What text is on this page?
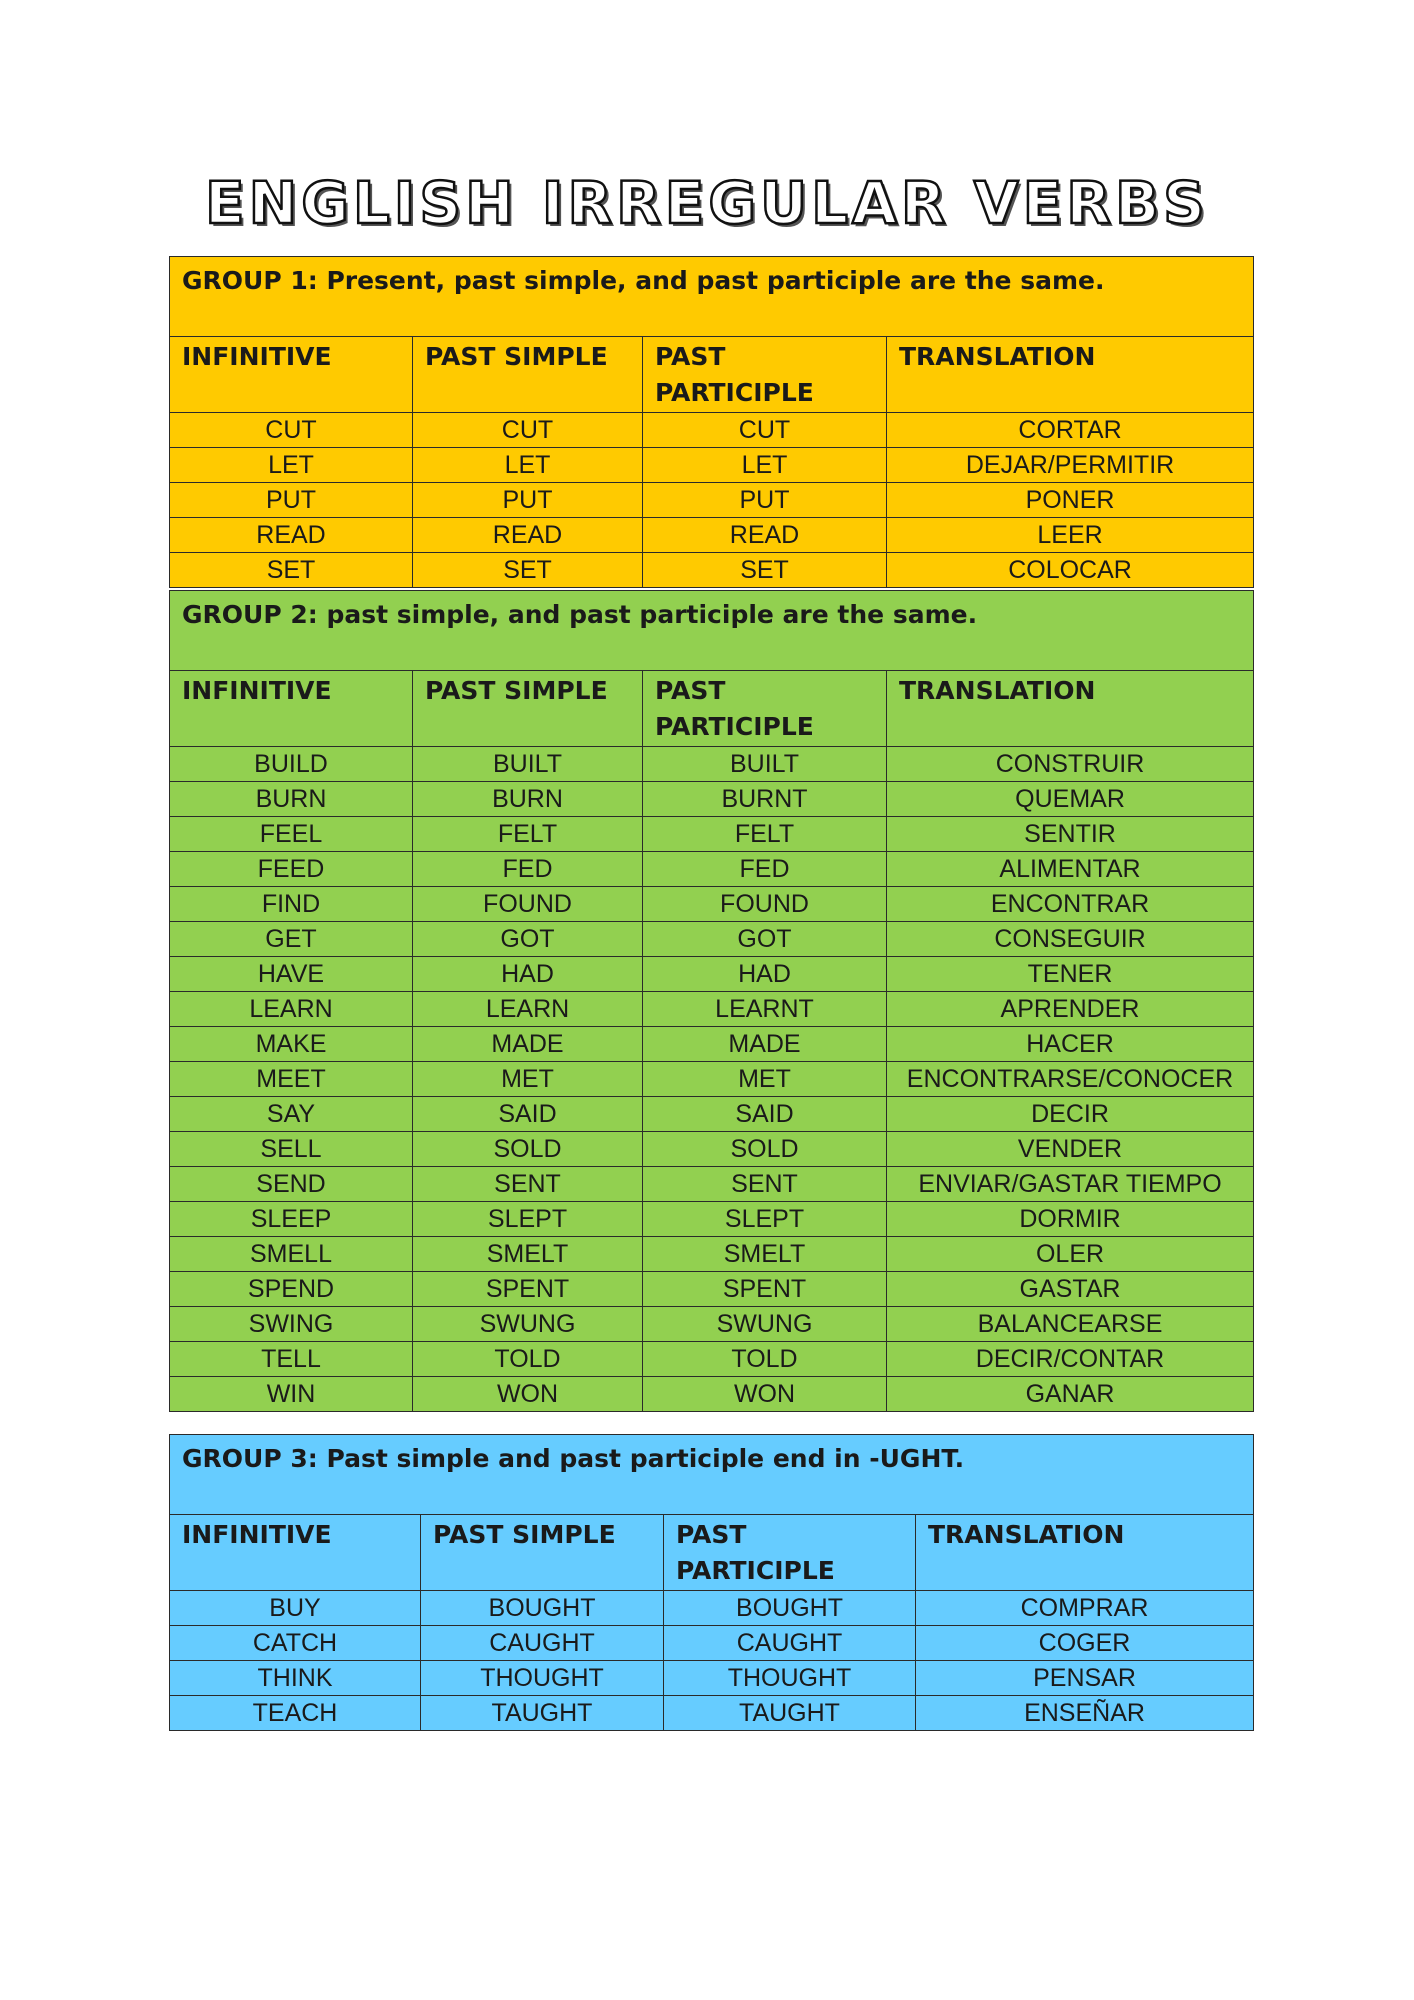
ENGLISH IRREGULAR VERBS
GROUP 1: Present, past simple, and past participle are the same.			
INFINITIVE	PAST SIMPLE	PAST PARTICIPLE	TRANSLATION
CUT	CUT	CUT	CORTAR
LET	LET	LET	DEJAR/PERMITIR
PUT	PUT	PUT	PONER
READ	READ	READ	LEER
SET	SET	SET	COLOCAR
GROUP 2: past simple, and past participle are the same.			
INFINITIVE	PAST SIMPLE	PAST PARTICIPLE	TRANSLATION
BUILD	BUILT	BUILT	CONSTRUIR
BURN	BURN	BURNT	QUEMAR
FEEL	FELT	FELT	SENTIR
FEED	FED	FED	ALIMENTAR
FIND	FOUND	FOUND	ENCONTRAR
GET	GOT	GOT	CONSEGUIR
HAVE	HAD	HAD	TENER
LEARN	LEARN	LEARNT	APRENDER
MAKE	MADE	MADE	HACER
MEET	MET	MET	ENCONTRARSE/CONOCER
SAY	SAID	SAID	DECIR
SELL	SOLD	SOLD	VENDER
SEND	SENT	SENT	ENVIAR/GASTAR TIEMPO
SLEEP	SLEPT	SLEPT	DORMIR
SMELL	SMELT	SMELT	OLER
SPEND	SPENT	SPENT	GASTAR
SWING	SWUNG	SWUNG	BALANCEARSE
TELL	TOLD	TOLD	DECIR/CONTAR
WIN	WON	WON	GANAR
GROUP 3: Past simple and past participle end in -UGHT.			
INFINITIVE	PAST SIMPLE	PAST PARTICIPLE	TRANSLATION
BUY	BOUGHT	BOUGHT	COMPRAR
CATCH	CAUGHT	CAUGHT	COGER
THINK	THOUGHT	THOUGHT	PENSAR
TEACH	TAUGHT	TAUGHT	ENSEÑAR
